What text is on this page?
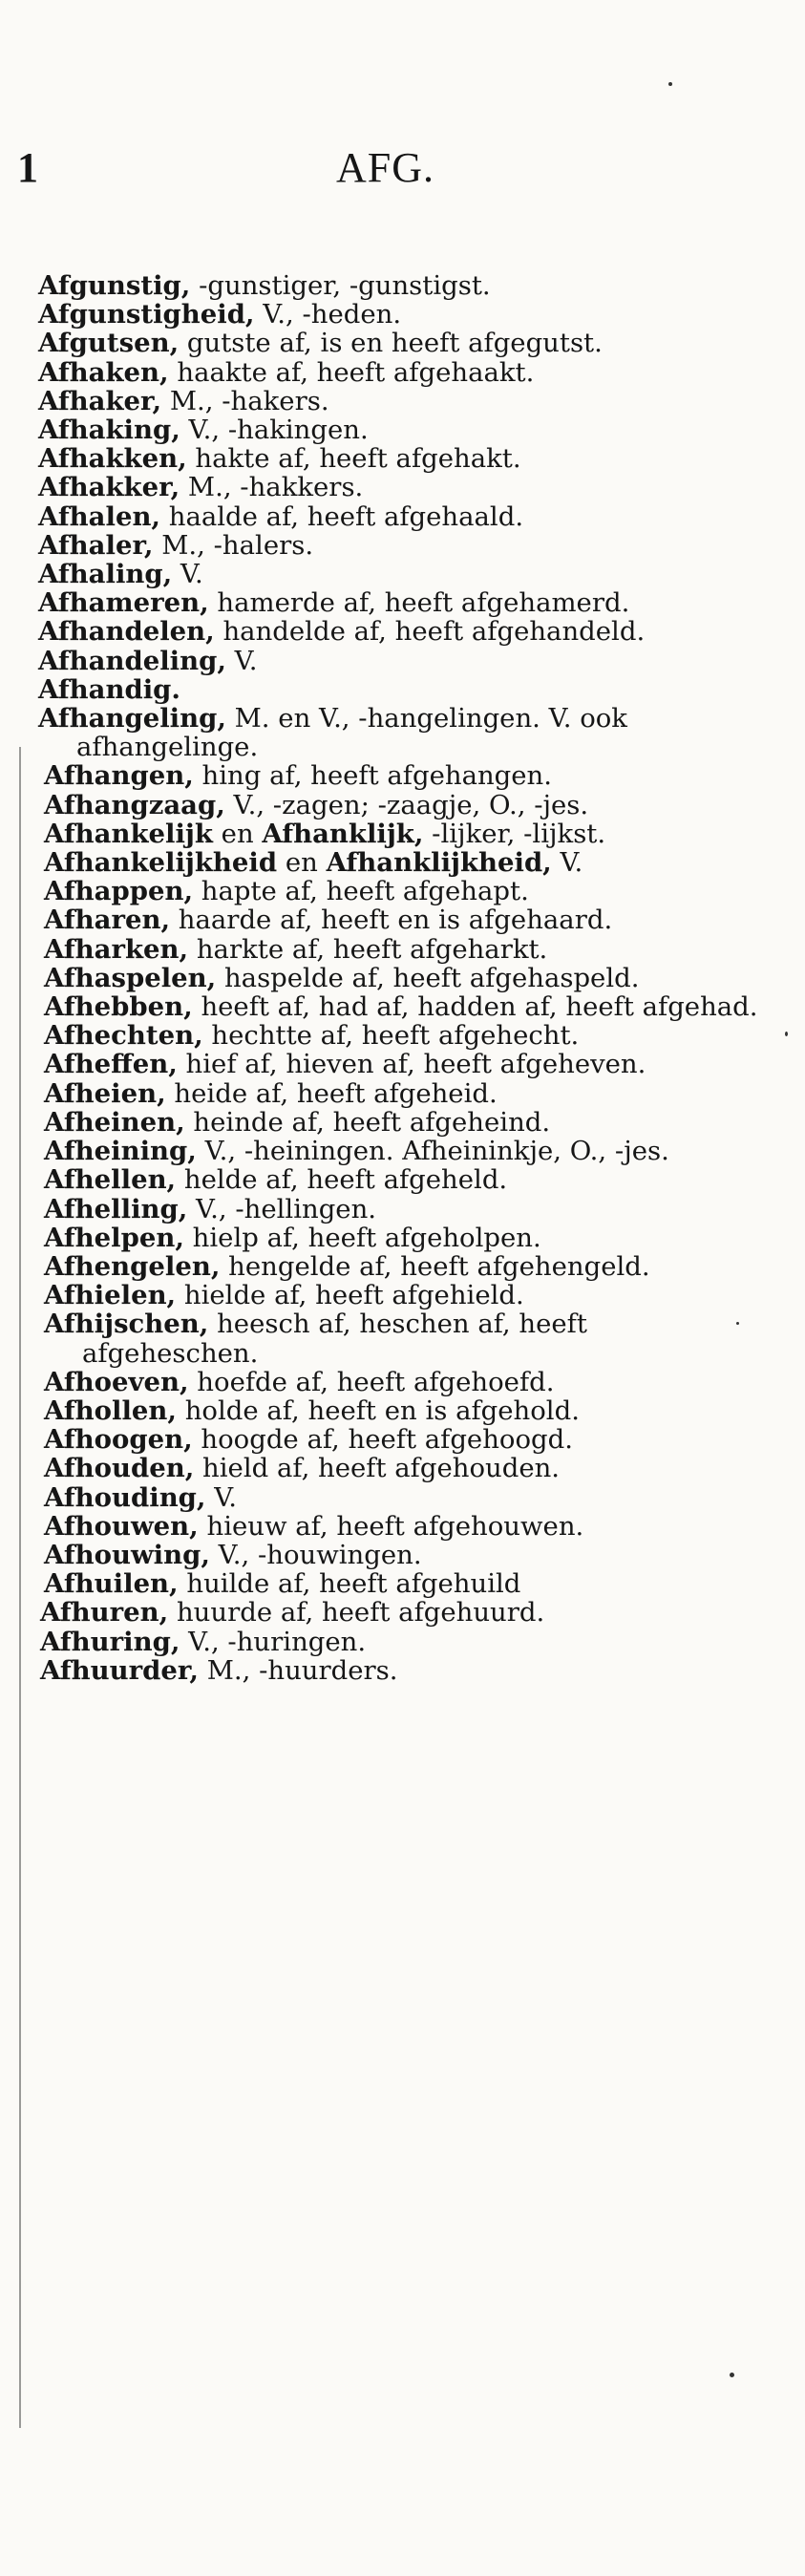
1	AFG.

Afgunstig, -gunstiger, -gunstigst.

Afgunstigheid, V., -heden.

Afgutsen, gutste af, is en heeft afgegutst.

Afhaken, haakte af, heeft afgehaakt.

Afhaker, M., -hakers.

Afhaking, V., -hakingen.

Afhakken, hakte af, heeft afgehakt.

Afhakker, M., -hakkers.

Afhalen, haalde af, heeft afgehaald.

Afhaler, M., -halers.

Afhaling, V.

Afhameren, hamerde af, heeft afgehamerd.

Afhandelen, handelde af, heeft afgehandeld.

Afhandeling, V.

Afhandig.

Afhangeling, M. en V., -hangelingen. V. ook afhangelinge.

Afhangen, hing af, heeft afgehangen.

Afhangzaag, V., -zagen; -zaagje, O., -jes.

Afhankelijk en Afhanklijk, -lijker, -lijkst.

Afhankelijkheid en Afhanklijkheid, V.

Afhappen, hapte af, heeft afgehapt.

Afharen, haarde af, heeft en is afgehaard.

Afharken, harkte af, heeft afgeharkt.

Afhaspelen, haspelde af, heeft afgehaspeld.

Afhebben, heeft af, had af, hadden af, heeft afgehad.

Afhechten, hechtte af, heeft afgehecht.

Afheffen, hief af, hieven af, heeft afgeheven.

Afheien, heide af, heeft afgeheid.

Afheinen, heinde af, heeft afgeheind.

Afheining, V., -heiningen. Afheininkje, O., -jes.

Afhellen, helde af, heeft afgeheld.

Afhelling, V., -hellingen.

Afhelpen, hielp af, heeft afgeholpen.

Afhengelen, hengelde af, heeft afgehengeld.

Afhielen, hielde af, heeft afgehield.

Afhijschen, heesch af, heschen af, heeft afgeheschen.

Afhoeven, hoefde af, heeft afgehoefd.

Afhollen, holde af, heeft en is afgehold.

Afhoogen, hoogde af, heeft afgehoogd.

Afhouden, hield af, heeft afgehouden.

Afhouding, V.

Afhouwen, hieuw af, heeft afgehouwen.

Afhouwing, V., -houwingen.

Afhuilen, huilde af, heeft afgehuild

Afhuren, huurde af, heeft afgehuurd.

Afhuring, V., -huringen.

Afhuurder, M., -huurders.
